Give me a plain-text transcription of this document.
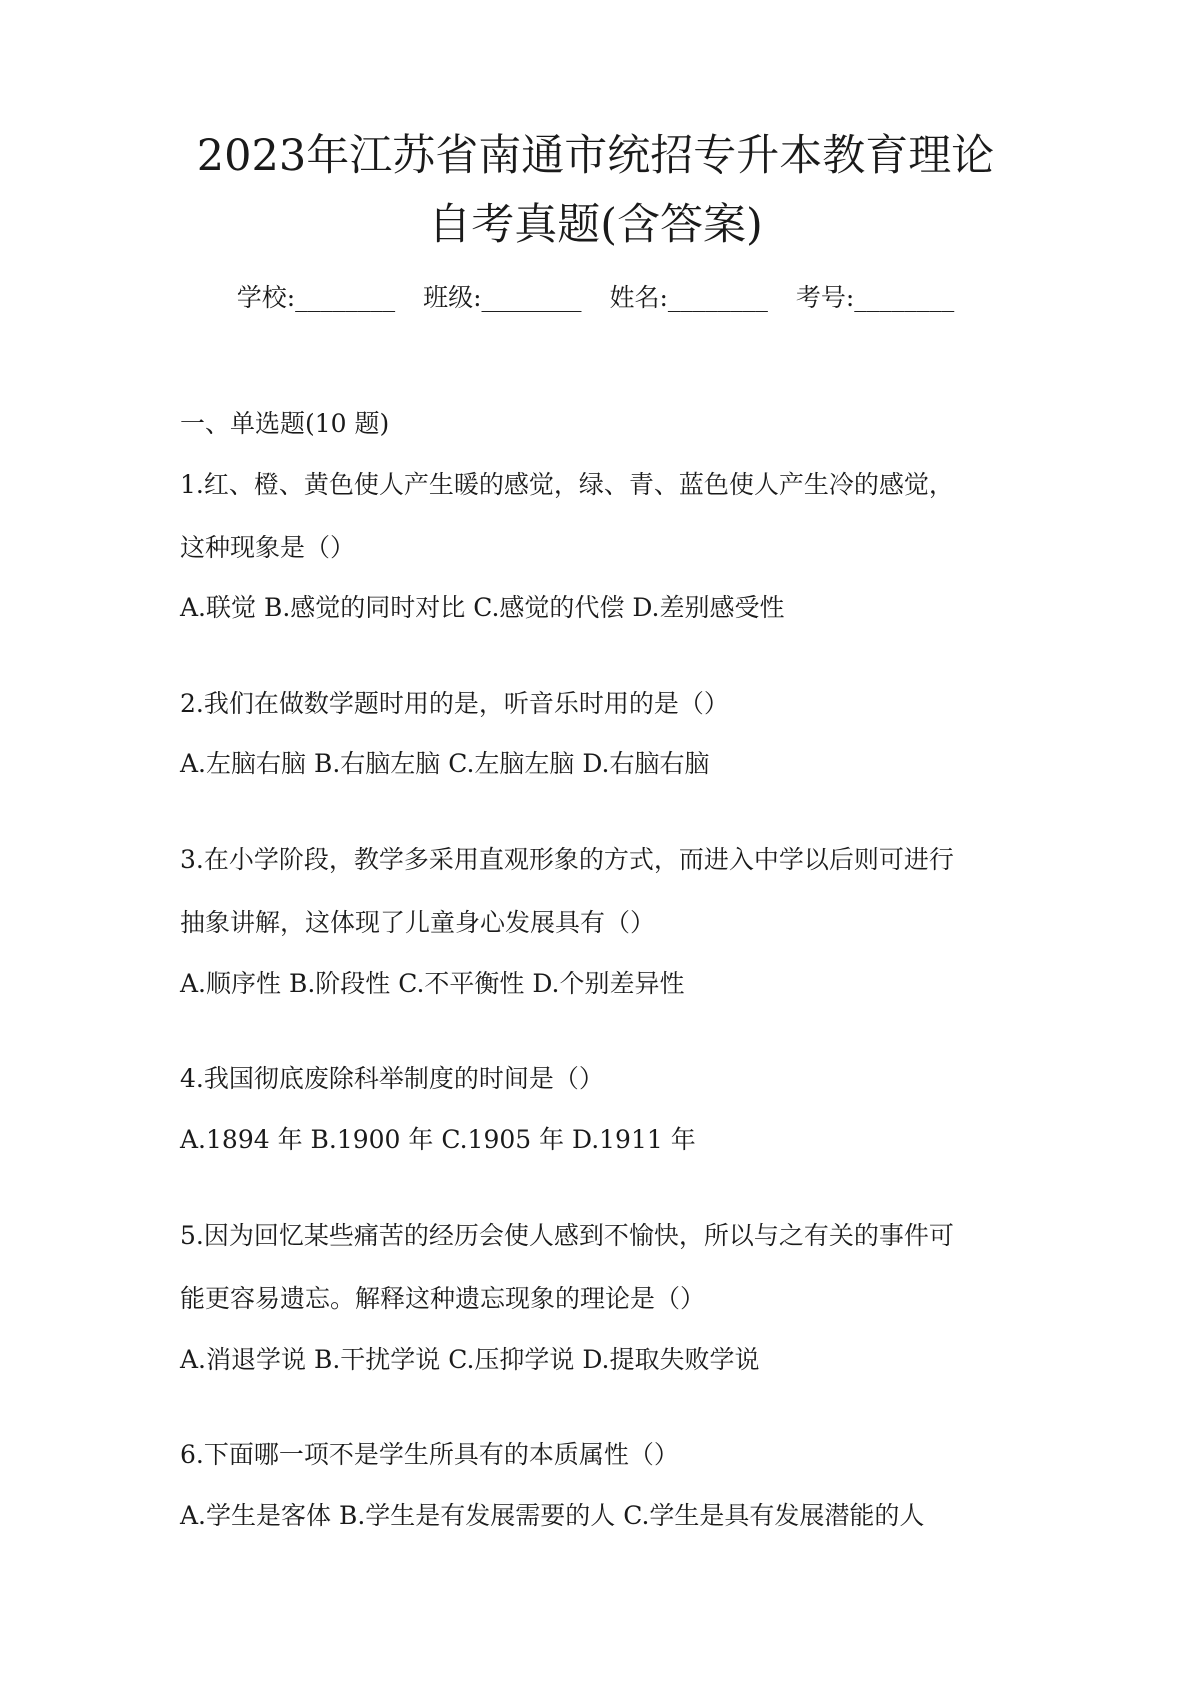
2023年江苏省南通市统招专升本教育理论
自考真题(含答案)
学校:________ 班级:________ 姓名:________ 考号:________
一、单选题(10 题)
1.红、橙、黄色使人产生暖的感觉，绿、青、蓝色使人产生冷的感觉，
这种现象是（）
A.联觉 B.感觉的同时对比 C.感觉的代偿 D.差别感受性
2.我们在做数学题时用的是，听音乐时用的是（）
A.左脑右脑 B.右脑左脑 C.左脑左脑 D.右脑右脑
3.在小学阶段，教学多采用直观形象的方式，而进入中学以后则可进行
抽象讲解，这体现了儿童身心发展具有（）
A.顺序性 B.阶段性 C.不平衡性 D.个别差异性
4.我国彻底废除科举制度的时间是（）
A.1894 年 B.1900 年 C.1905 年 D.1911 年
5.因为回忆某些痛苦的经历会使人感到不愉快，所以与之有关的事件可
能更容易遗忘。解释这种遗忘现象的理论是（）
A.消退学说 B.干扰学说 C.压抑学说 D.提取失败学说
6.下面哪一项不是学生所具有的本质属性（）
A.学生是客体 B.学生是有发展需要的人 C.学生是具有发展潜能的人
